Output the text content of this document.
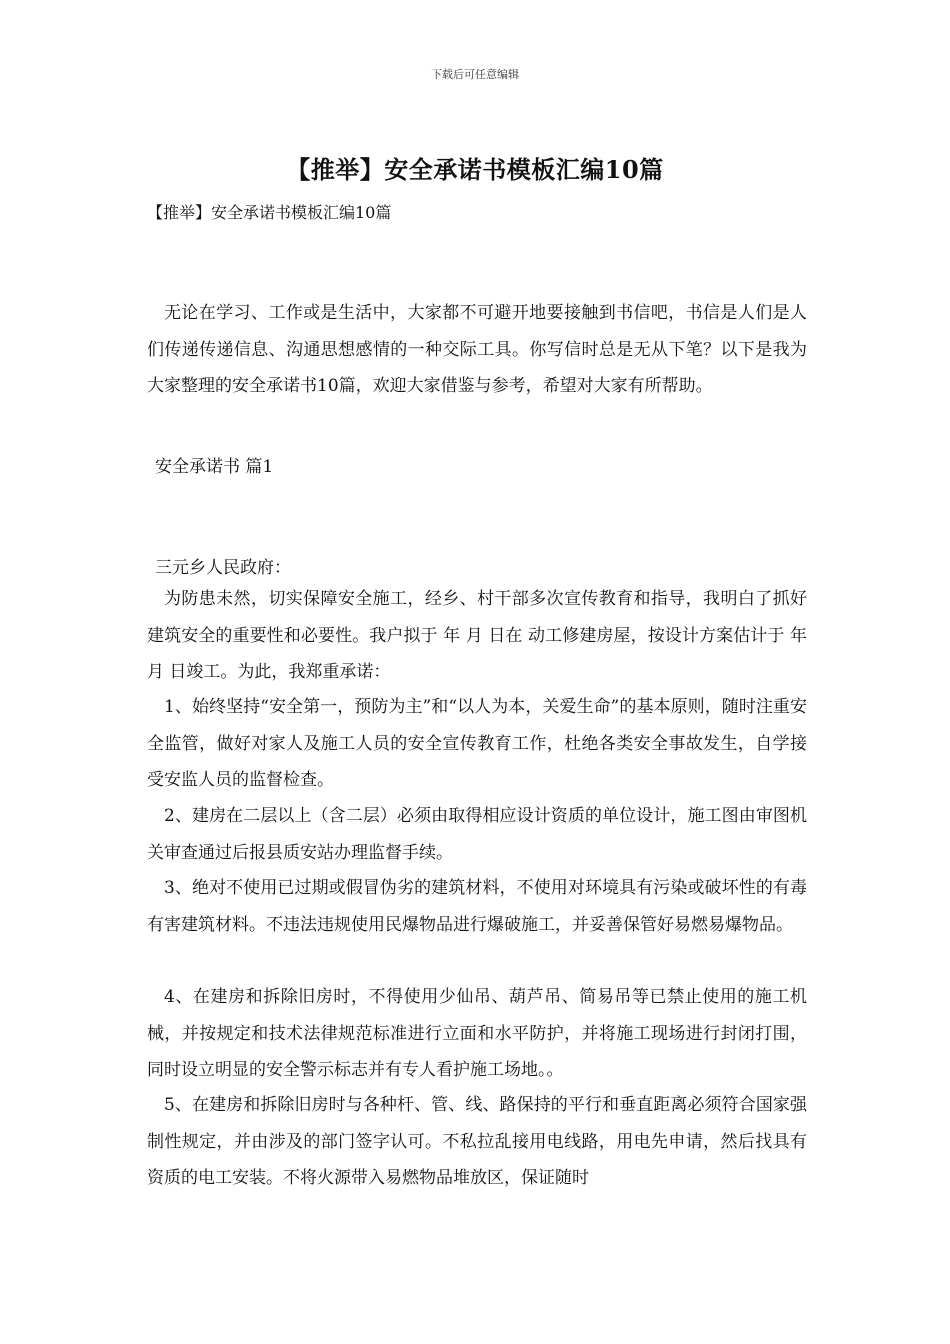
下载后可任意编辑
【推举】安全承诺书模板汇编10篇

【推举】安全承诺书模板汇编10篇

无论在学习、工作或是生活中，大家都不可避开地要接触到书信吧，书信是人们是人们传递传递信息、沟通思想感情的一种交际工具。你写信时总是无从下笔？以下是我为大家整理的安全承诺书10篇，欢迎大家借鉴与参考，希望对大家有所帮助。

安全承诺书 篇1

三元乡人民政府：

为防患未然，切实保障安全施工，经乡、村干部多次宣传教育和指导，我明白了抓好建筑安全的重要性和必要性。我户拟于 年 月 日在 动工修建房屋，按设计方案估计于 年 月 日竣工。为此，我郑重承诺：

1、始终坚持“安全第一，预防为主”和“以人为本，关爱生命”的基本原则，随时注重安全监管，做好对家人及施工人员的安全宣传教育工作，杜绝各类安全事故发生，自学接受安监人员的监督检查。

2、建房在二层以上（含二层）必须由取得相应设计资质的单位设计，施工图由审图机关审查通过后报县质安站办理监督手续。

3、绝对不使用已过期或假冒伪劣的建筑材料，不使用对环境具有污染或破坏性的有毒有害建筑材料。不违法违规使用民爆物品进行爆破施工，并妥善保管好易燃易爆物品。

4、在建房和拆除旧房时，不得使用少仙吊、葫芦吊、简易吊等已禁止使用的施工机械，并按规定和技术法律规范标准进行立面和水平防护，并将施工现场进行封闭打围，同时设立明显的安全警示标志并有专人看护施工场地。。

5、在建房和拆除旧房时与各种杆、管、线、路保持的平行和垂直距离必须符合国家强制性规定，并由涉及的部门签字认可。不私拉乱接用电线路，用电先申请，然后找具有资质的电工安装。不将火源带入易燃物品堆放区，保证随时
